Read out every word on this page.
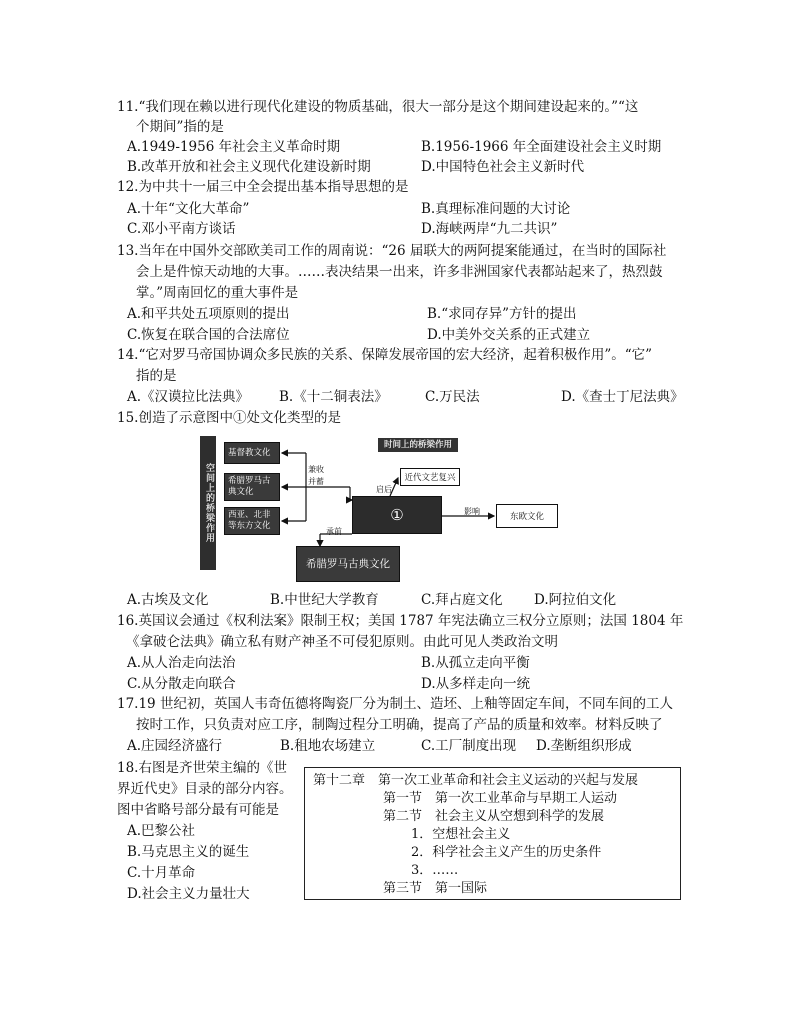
11.“我们现在赖以进行现代化建设的物质基础，很大一部分是这个期间建设起来的。”“这
个期间”指的是
A.1949-1956 年社会主义革命时期	B.1956-1966 年全面建设社会主义时期
B.改革开放和社会主义现代化建设新时期	D.中国特色社会主义新时代
12.为中共十一届三中全会提出基本指导思想的是
A.十年“文化大革命”	B.真理标准问题的大讨论
C.邓小平南方谈话	D.海峡两岸“九二共识”
13.当年在中国外交部欧美司工作的周南说：“26 届联大的两阿提案能通过，在当时的国际社
会上是件惊天动地的大事。……表决结果一出来，许多非洲国家代表都站起来了，热烈鼓
掌。”周南回忆的重大事件是
A.和平共处五项原则的提出	B.“求同存异”方针的提出
C.恢复在联合国的合法席位	D.中美外交关系的正式建立
14.“它对罗马帝国协调众多民族的关系、保障发展帝国的宏大经济，起着积极作用”。“它”
指的是
A.《汉谟拉比法典》 B.《十二铜表法》	C.万民法	D.《查士丁尼法典》
15.创造了示意图中①处文化类型的是
空间上的桥梁作用
时间上的桥梁作用
基督教文化
希腊罗马古典文化
西亚、北非等东方文化
兼收
并蓄
①
启后
近代文艺复兴
影响
东欧文化
承前
希腊罗马古典文化
A.古埃及文化	B.中世纪大学教育	C.拜占庭文化 D.阿拉伯文化
16.英国议会通过《权利法案》限制王权；美国 1787 年宪法确立三权分立原则；法国 1804 年
《拿破仑法典》确立私有财产神圣不可侵犯原则。由此可见人类政治文明
A.从人治走向法治	B.从孤立走向平衡
C.从分散走向联合	D.从多样走向一统
17.19 世纪初，英国人韦奇伍德将陶瓷厂分为制土、造坯、上釉等固定车间，不同车间的工人
按时工作，只负责对应工序，制陶过程分工明确，提高了产品的质量和效率。材料反映了
A.庄园经济盛行	B.租地农场建立	C.工厂制度出现 D.垄断组织形成
18.右图是齐世荣主编的《世
界近代史》目录的部分内容。
图中省略号部分最有可能是
A.巴黎公社
B.马克思主义的诞生
C.十月革命
D.社会主义力量壮大
第十二章　第一次工业革命和社会主义运动的兴起与发展
第一节　第一次工业革命与早期工人运动
第二节　社会主义从空想到科学的发展
1．空想社会主义
2．科学社会主义产生的历史条件
3．……
第三节　第一国际
